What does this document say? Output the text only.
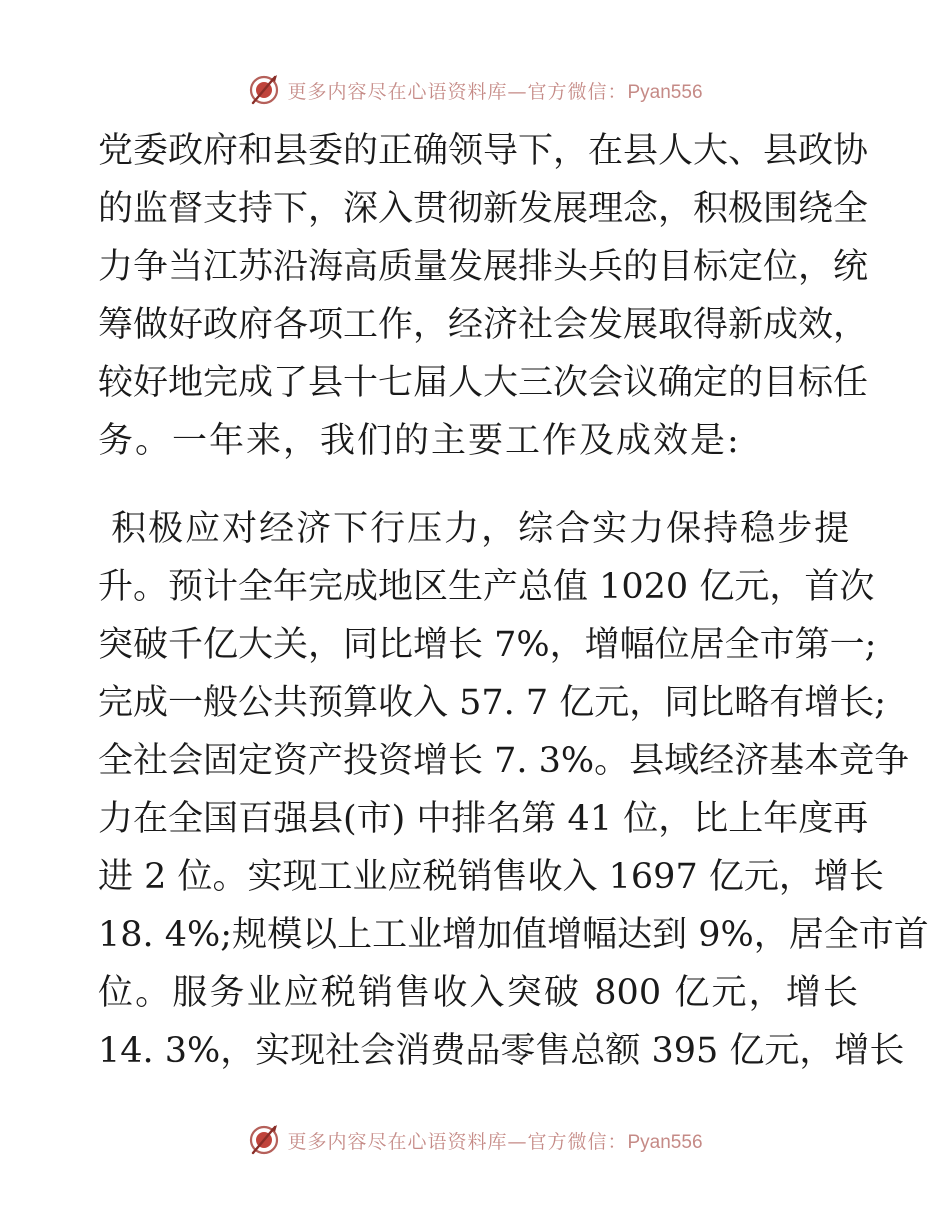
更多内容尽在心语资料库—官方微信：Pyan556
党委政府和县委的正确领导下，在县人大、县政协
的监督支持下，深入贯彻新发展理念，积极围绕全
力争当江苏沿海高质量发展排头兵的目标定位，统
筹做好政府各项工作，经济社会发展取得新成效，
较好地完成了县十七届人大三次会议确定的目标任
务。一年来，我们的主要工作及成效是:
积极应对经济下行压力，综合实力保持稳步提
升。预计全年完成地区生产总值 1020 亿元，首次
突破千亿大关，同比增长 7%，增幅位居全市第一;
完成一般公共预算收入 57. 7 亿元，同比略有增长;
全社会固定资产投资增长 7. 3%。县域经济基本竞争
力在全国百强县(市) 中排名第 41 位，比上年度再
进 2 位。实现工业应税销售收入 1697 亿元，增长
18. 4%;规模以上工业增加值增幅达到 9%，居全市首
位。服务业应税销售收入突破 800 亿元，增长
14. 3%，实现社会消费品零售总额 395 亿元，增长
更多内容尽在心语资料库—官方微信：Pyan556
